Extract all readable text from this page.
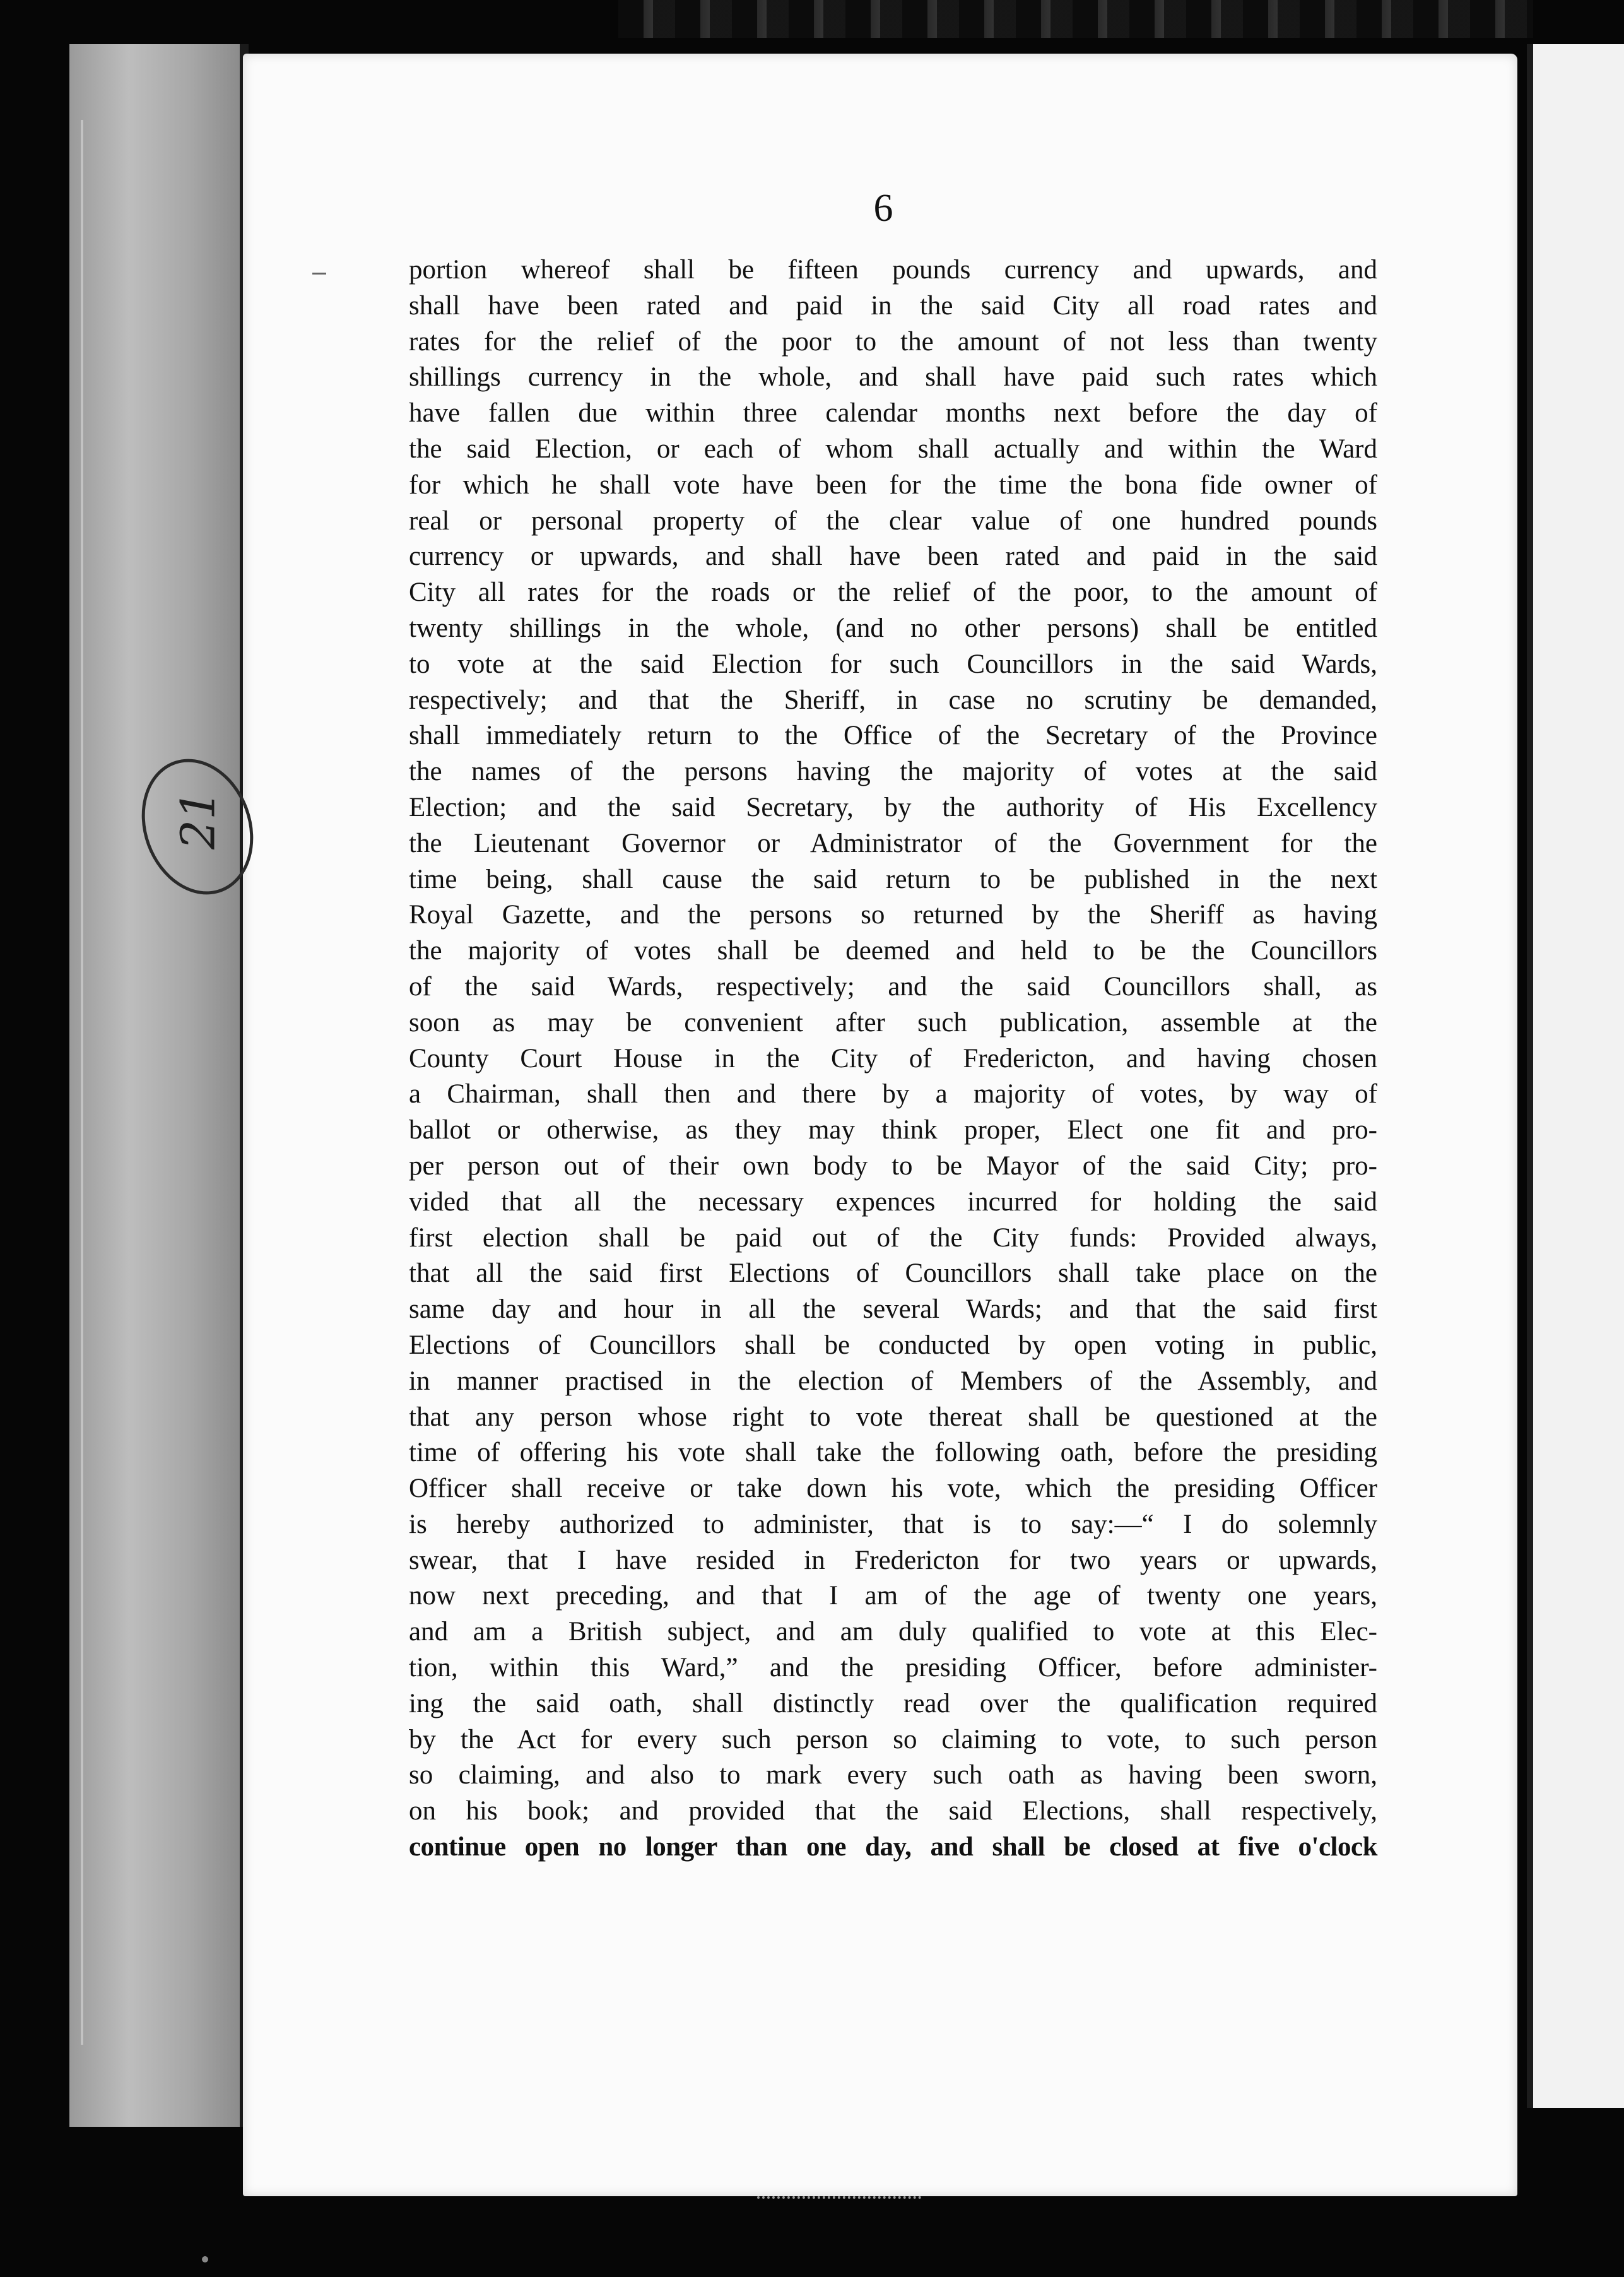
21
6
portion whereof shall be fifteen pounds currency and upwards, and
shall have been rated and paid in the said City all road rates and
rates for the relief of the poor to the amount of not less than twenty
shillings currency in the whole, and shall have paid such rates which
have fallen due within three calendar months next before the day of
the said Election, or each of whom shall actually and within the Ward
for which he shall vote have been for the time the bona fide owner of
real or personal property of the clear value of one hundred pounds
currency or upwards, and shall have been rated and paid in the said
City all rates for the roads or the relief of the poor, to the amount of
twenty shillings in the whole, (and no other persons) shall be entitled
to vote at the said Election for such Councillors in the said Wards,
respectively; and that the Sheriff, in case no scrutiny be demanded,
shall immediately return to the Office of the Secretary of the Province
the names of the persons having the majority of votes at the said
Election; and the said Secretary, by the authority of His Excellency
the Lieutenant Governor or Administrator of the Government for the
time being, shall cause the said return to be published in the next
Royal Gazette, and the persons so returned by the Sheriff as having
the majority of votes shall be deemed and held to be the Councillors
of the said Wards, respectively; and the said Councillors shall, as
soon as may be convenient after such publication, assemble at the
County Court House in the City of Fredericton, and having chosen
a Chairman, shall then and there by a majority of votes, by way of
ballot or otherwise, as they may think proper, Elect one fit and pro-
per person out of their own body to be Mayor of the said City; pro-
vided that all the necessary expences incurred for holding the said
first election shall be paid out of the City funds: Provided always,
that all the said first Elections of Councillors shall take place on the
same day and hour in all the several Wards; and that the said first
Elections of Councillors shall be conducted by open voting in public,
in manner practised in the election of Members of the Assembly, and
that any person whose right to vote thereat shall be questioned at the
time of offering his vote shall take the following oath, before the presiding
Officer shall receive or take down his vote, which the presiding Officer
is hereby authorized to administer, that is to say:—“ I do solemnly
swear, that I have resided in Fredericton for two years or upwards,
now next preceding, and that I am of the age of twenty one years,
and am a British subject, and am duly qualified to vote at this Elec-
tion, within this Ward,” and the presiding Officer, before administer-
ing the said oath, shall distinctly read over the qualification required
by the Act for every such person so claiming to vote, to such person
so claiming, and also to mark every such oath as having been sworn,
on his book; and provided that the said Elections, shall respectively,
continue open no longer than one day, and shall be closed at five o'clock
